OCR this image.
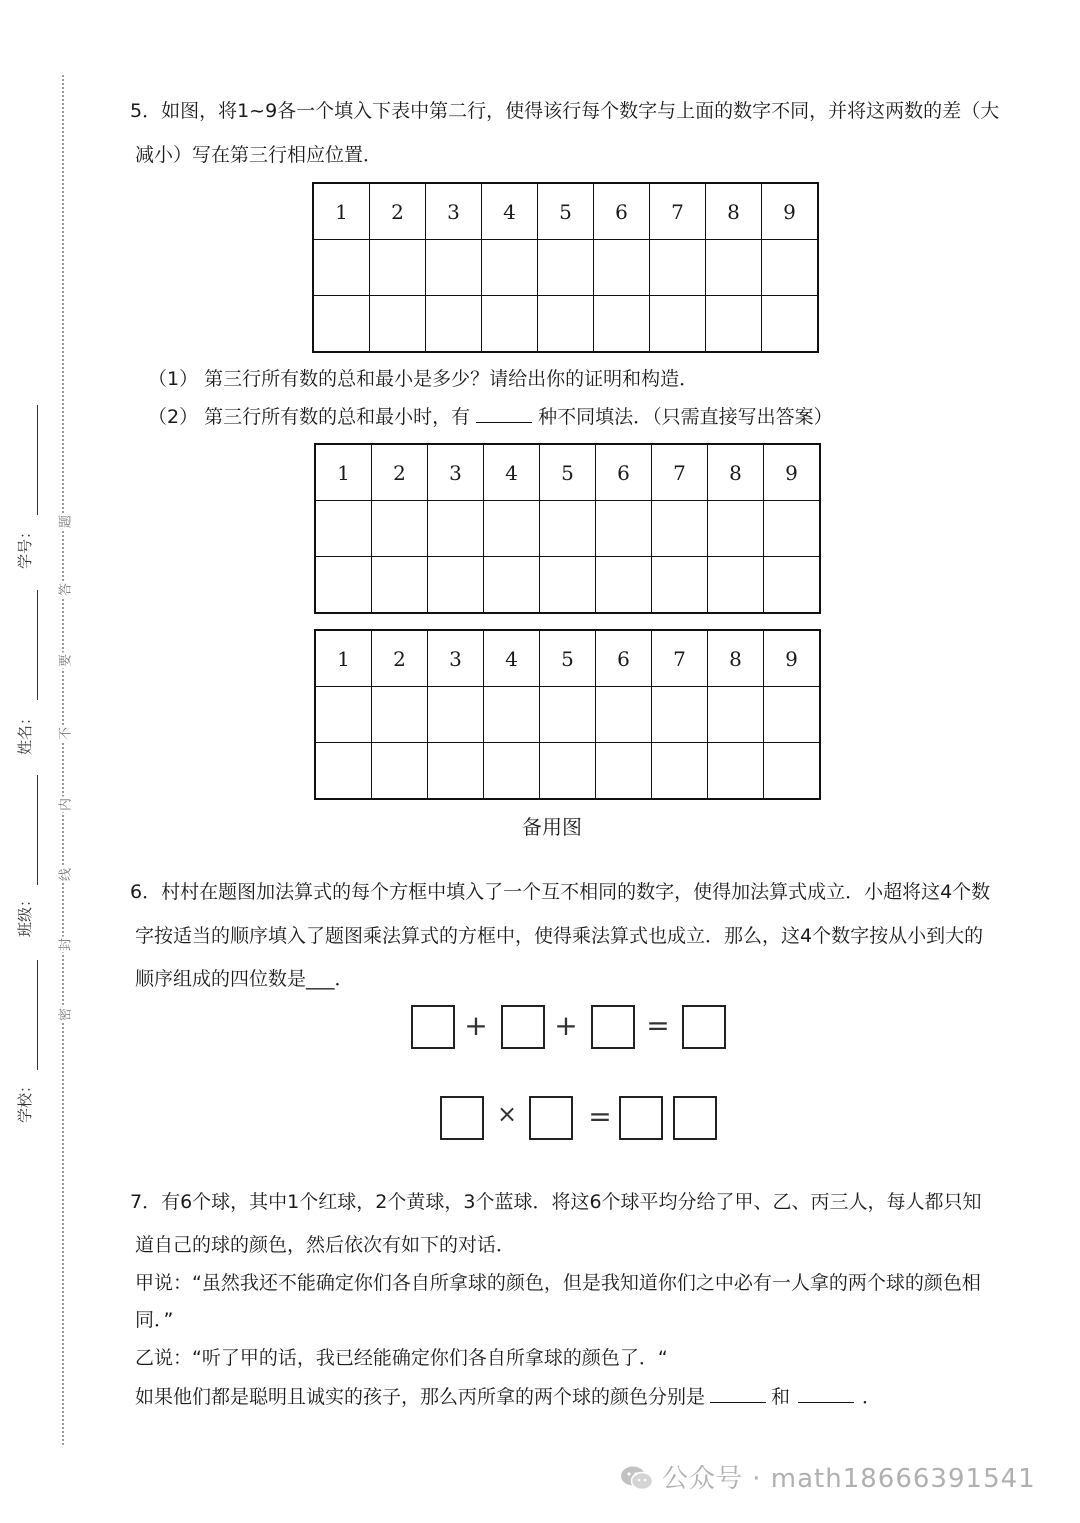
学号：
姓名：
班级：
学校：
题
答
要
不
内
线
封
密
5．如图，将1~9各一个填入下表中第二行，使得该行每个数字与上面的数字不同，并将这两数的差（大
减小）写在第三行相应位置．
1	2	3	4	5	6	7	8	9

（1） 第三行所有数的总和最小是多少？请给出你的证明和构造．
（2） 第三行所有数的总和最小时，有	种不同填法．（只需直接写出答案）
1	2	3	4	5	6	7	8	9

1	2	3	4	5	6	7	8	9

备用图
6．村村在题图加法算式的每个方框中填入了一个互不相同的数字，使得加法算式成立．小超将这4个数
字按适当的顺序填入了题图乘法算式的方框中，使得乘法算式也成立．那么，这4个数字按从小到大的
顺序组成的四位数是___．
+ + =
×	=
7．有6个球，其中1个红球，2个黄球，3个蓝球．将这6个球平均分给了甲、乙、丙三人，每人都只知
道自己的球的颜色，然后依次有如下的对话．
甲说：“虽然我还不能确定你们各自所拿球的颜色，但是我知道你们之中必有一人拿的两个球的颜色相
同．”
乙说：“听了甲的话，我已经能确定你们各自所拿球的颜色了．“
如果他们都是聪明且诚实的孩子，那么丙所拿的两个球的颜色分别是	和	．
公众号 · math18666391541
